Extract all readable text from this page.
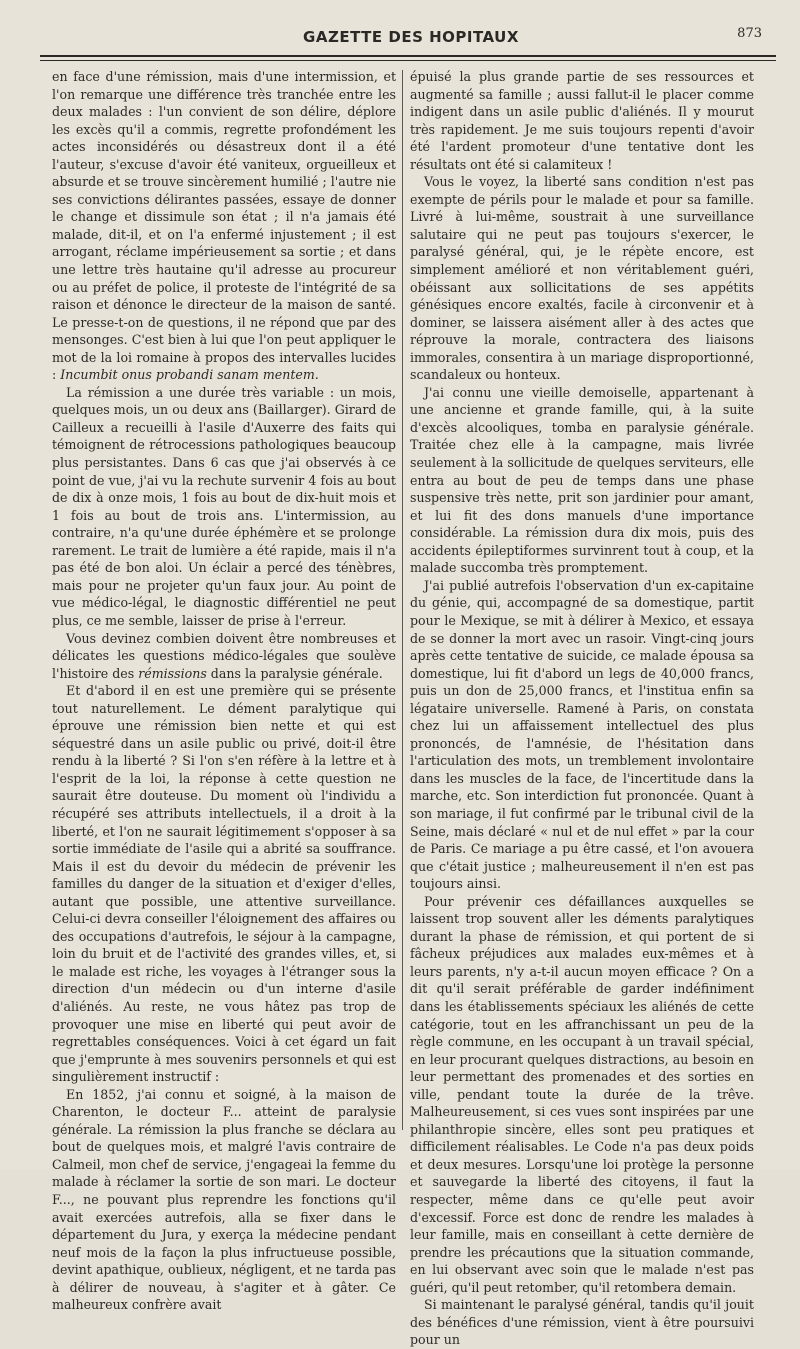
GAZETTE DES HOPITAUX	873

en face d'une rémission, mais d'une intermission, et l'on remarque une différence très tranchée entre les deux malades : l'un convient de son délire, déplore les excès qu'il a commis, regrette profondément les actes inconsidérés ou désastreux dont il a été l'auteur, s'excuse d'avoir été vaniteux, orgueilleux et absurde et se trouve sincèrement humilié ; l'autre nie ses convictions délirantes passées, essaye de donner le change et dissimule son état ; il n'a jamais été malade, dit-il, et on l'a enfermé injustement ; il est arrogant, réclame impérieusement sa sortie ; et dans une lettre très hautaine qu'il adresse au procureur ou au préfet de police, il proteste de l'intégrité de sa raison et dénonce le directeur de la maison de santé. Le presse-t-on de questions, il ne répond que par des mensonges. C'est bien à lui que l'on peut appliquer le mot de la loi romaine à propos des intervalles lucides : Incumbit onus probandi sanam mentem.

La rémission a une durée très variable : un mois, quelques mois, un ou deux ans (Baillarger). Girard de Cailleux a recueilli à l'asile d'Auxerre des faits qui témoignent de rétrocessions pathologiques beaucoup plus persistantes. Dans 6 cas que j'ai observés à ce point de vue, j'ai vu la rechute survenir 4 fois au bout de dix à onze mois, 1 fois au bout de dix-huit mois et 1 fois au bout de trois ans. L'intermission, au contraire, n'a qu'une durée éphémère et se prolonge rarement. Le trait de lumière a été rapide, mais il n'a pas été de bon aloi. Un éclair a percé des ténèbres, mais pour ne projeter qu'un faux jour. Au point de vue médico-légal, le diagnostic différentiel ne peut plus, ce me semble, laisser de prise à l'erreur.

Vous devinez combien doivent être nombreuses et délicates les questions médico-légales que soulève l'histoire des rémissions dans la paralysie générale.

Et d'abord il en est une première qui se présente tout naturellement. Le dément paralytique qui éprouve une rémission bien nette et qui est séquestré dans un asile public ou privé, doit-il être rendu à la liberté ? Si l'on s'en réfère à la lettre et à l'esprit de la loi, la réponse à cette question ne saurait être douteuse. Du moment où l'individu a récupéré ses attributs intellectuels, il a droit à la liberté, et l'on ne saurait légitimement s'opposer à sa sortie immédiate de l'asile qui a abrité sa souffrance. Mais il est du devoir du médecin de prévenir les familles du danger de la situation et d'exiger d'elles, autant que possible, une attentive surveillance. Celui-ci devra conseiller l'éloignement des affaires ou des occupations d'autrefois, le séjour à la campagne, loin du bruit et de l'activité des grandes villes, et, si le malade est riche, les voyages à l'étranger sous la direction d'un médecin ou d'un interne d'asile d'aliénés. Au reste, ne vous hâtez pas trop de provoquer une mise en liberté qui peut avoir de regrettables conséquences. Voici à cet égard un fait que j'emprunte à mes souvenirs personnels et qui est singulièrement instructif :

En 1852, j'ai connu et soigné, à la maison de Charenton, le docteur F... atteint de paralysie générale. La rémission la plus franche se déclara au bout de quelques mois, et malgré l'avis contraire de Calmeil, mon chef de service, j'engageai la femme du malade à réclamer la sortie de son mari. Le docteur F..., ne pouvant plus reprendre les fonctions qu'il avait exercées autrefois, alla se fixer dans le département du Jura, y exerça la médecine pendant neuf mois de la façon la plus infructueuse possible, devint apathique, oublieux, négligent, et ne tarda pas à délirer de nouveau, à s'agiter et à gâter. Ce malheureux confrère avait

épuisé la plus grande partie de ses ressources et augmenté sa famille ; aussi fallut-il le placer comme indigent dans un asile public d'aliénés. Il y mourut très rapidement. Je me suis toujours repenti d'avoir été l'ardent promoteur d'une tentative dont les résultats ont été si calamiteux !

Vous le voyez, la liberté sans condition n'est pas exempte de périls pour le malade et pour sa famille. Livré à lui-même, soustrait à une surveillance salutaire qui ne peut pas toujours s'exercer, le paralysé général, qui, je le répète encore, est simplement amélioré et non véritablement guéri, obéissant aux sollicitations de ses appétits génésiques encore exaltés, facile à circonvenir et à dominer, se laissera aisément aller à des actes que réprouve la morale, contractera des liaisons immorales, consentira à un mariage disproportionné, scandaleux ou honteux.

J'ai connu une vieille demoiselle, appartenant à une ancienne et grande famille, qui, à la suite d'excès alcooliques, tomba en paralysie générale. Traitée chez elle à la campagne, mais livrée seulement à la sollicitude de quelques serviteurs, elle entra au bout de peu de temps dans une phase suspensive très nette, prit son jardinier pour amant, et lui fit des dons manuels d'une importance considérable. La rémission dura dix mois, puis des accidents épileptiformes survinrent tout à coup, et la malade succomba très promptement.

J'ai publié autrefois l'observation d'un ex-capitaine du génie, qui, accompagné de sa domestique, partit pour le Mexique, se mit à délirer à Mexico, et essaya de se donner la mort avec un rasoir. Vingt-cinq jours après cette tentative de suicide, ce malade épousa sa domestique, lui fit d'abord un legs de 40,000 francs, puis un don de 25,000 francs, et l'institua enfin sa légataire universelle. Ramené à Paris, on constata chez lui un affaissement intellectuel des plus prononcés, de l'amnésie, de l'hésitation dans l'articulation des mots, un tremblement involontaire dans les muscles de la face, de l'incertitude dans la marche, etc. Son interdiction fut prononcée. Quant à son mariage, il fut confirmé par le tribunal civil de la Seine, mais déclaré « nul et de nul effet » par la cour de Paris. Ce mariage a pu être cassé, et l'on avouera que c'était justice ; malheureusement il n'en est pas toujours ainsi.

Pour prévenir ces défaillances auxquelles se laissent trop souvent aller les déments paralytiques durant la phase de rémission, et qui portent de si fâcheux préjudices aux malades eux-mêmes et à leurs parents, n'y a-t-il aucun moyen efficace ? On a dit qu'il serait préférable de garder indéfiniment dans les établissements spéciaux les aliénés de cette catégorie, tout en les affranchissant un peu de la règle commune, en les occupant à un travail spécial, en leur procurant quelques distractions, au besoin en leur permettant des promenades et des sorties en ville, pendant toute la durée de la trêve. Malheureusement, si ces vues sont inspirées par une philanthropie sincère, elles sont peu pratiques et difficilement réalisables. Le Code n'a pas deux poids et deux mesures. Lorsqu'une loi protège la personne et sauvegarde la liberté des citoyens, il faut la respecter, même dans ce qu'elle peut avoir d'excessif. Force est donc de rendre les malades à leur famille, mais en conseillant à cette dernière de prendre les précautions que la situation commande, en lui observant avec soin que le malade n'est pas guéri, qu'il peut retomber, qu'il retombera demain.

Si maintenant le paralysé général, tandis qu'il jouit des bénéfices d'une rémission, vient à être poursuivi pour un
